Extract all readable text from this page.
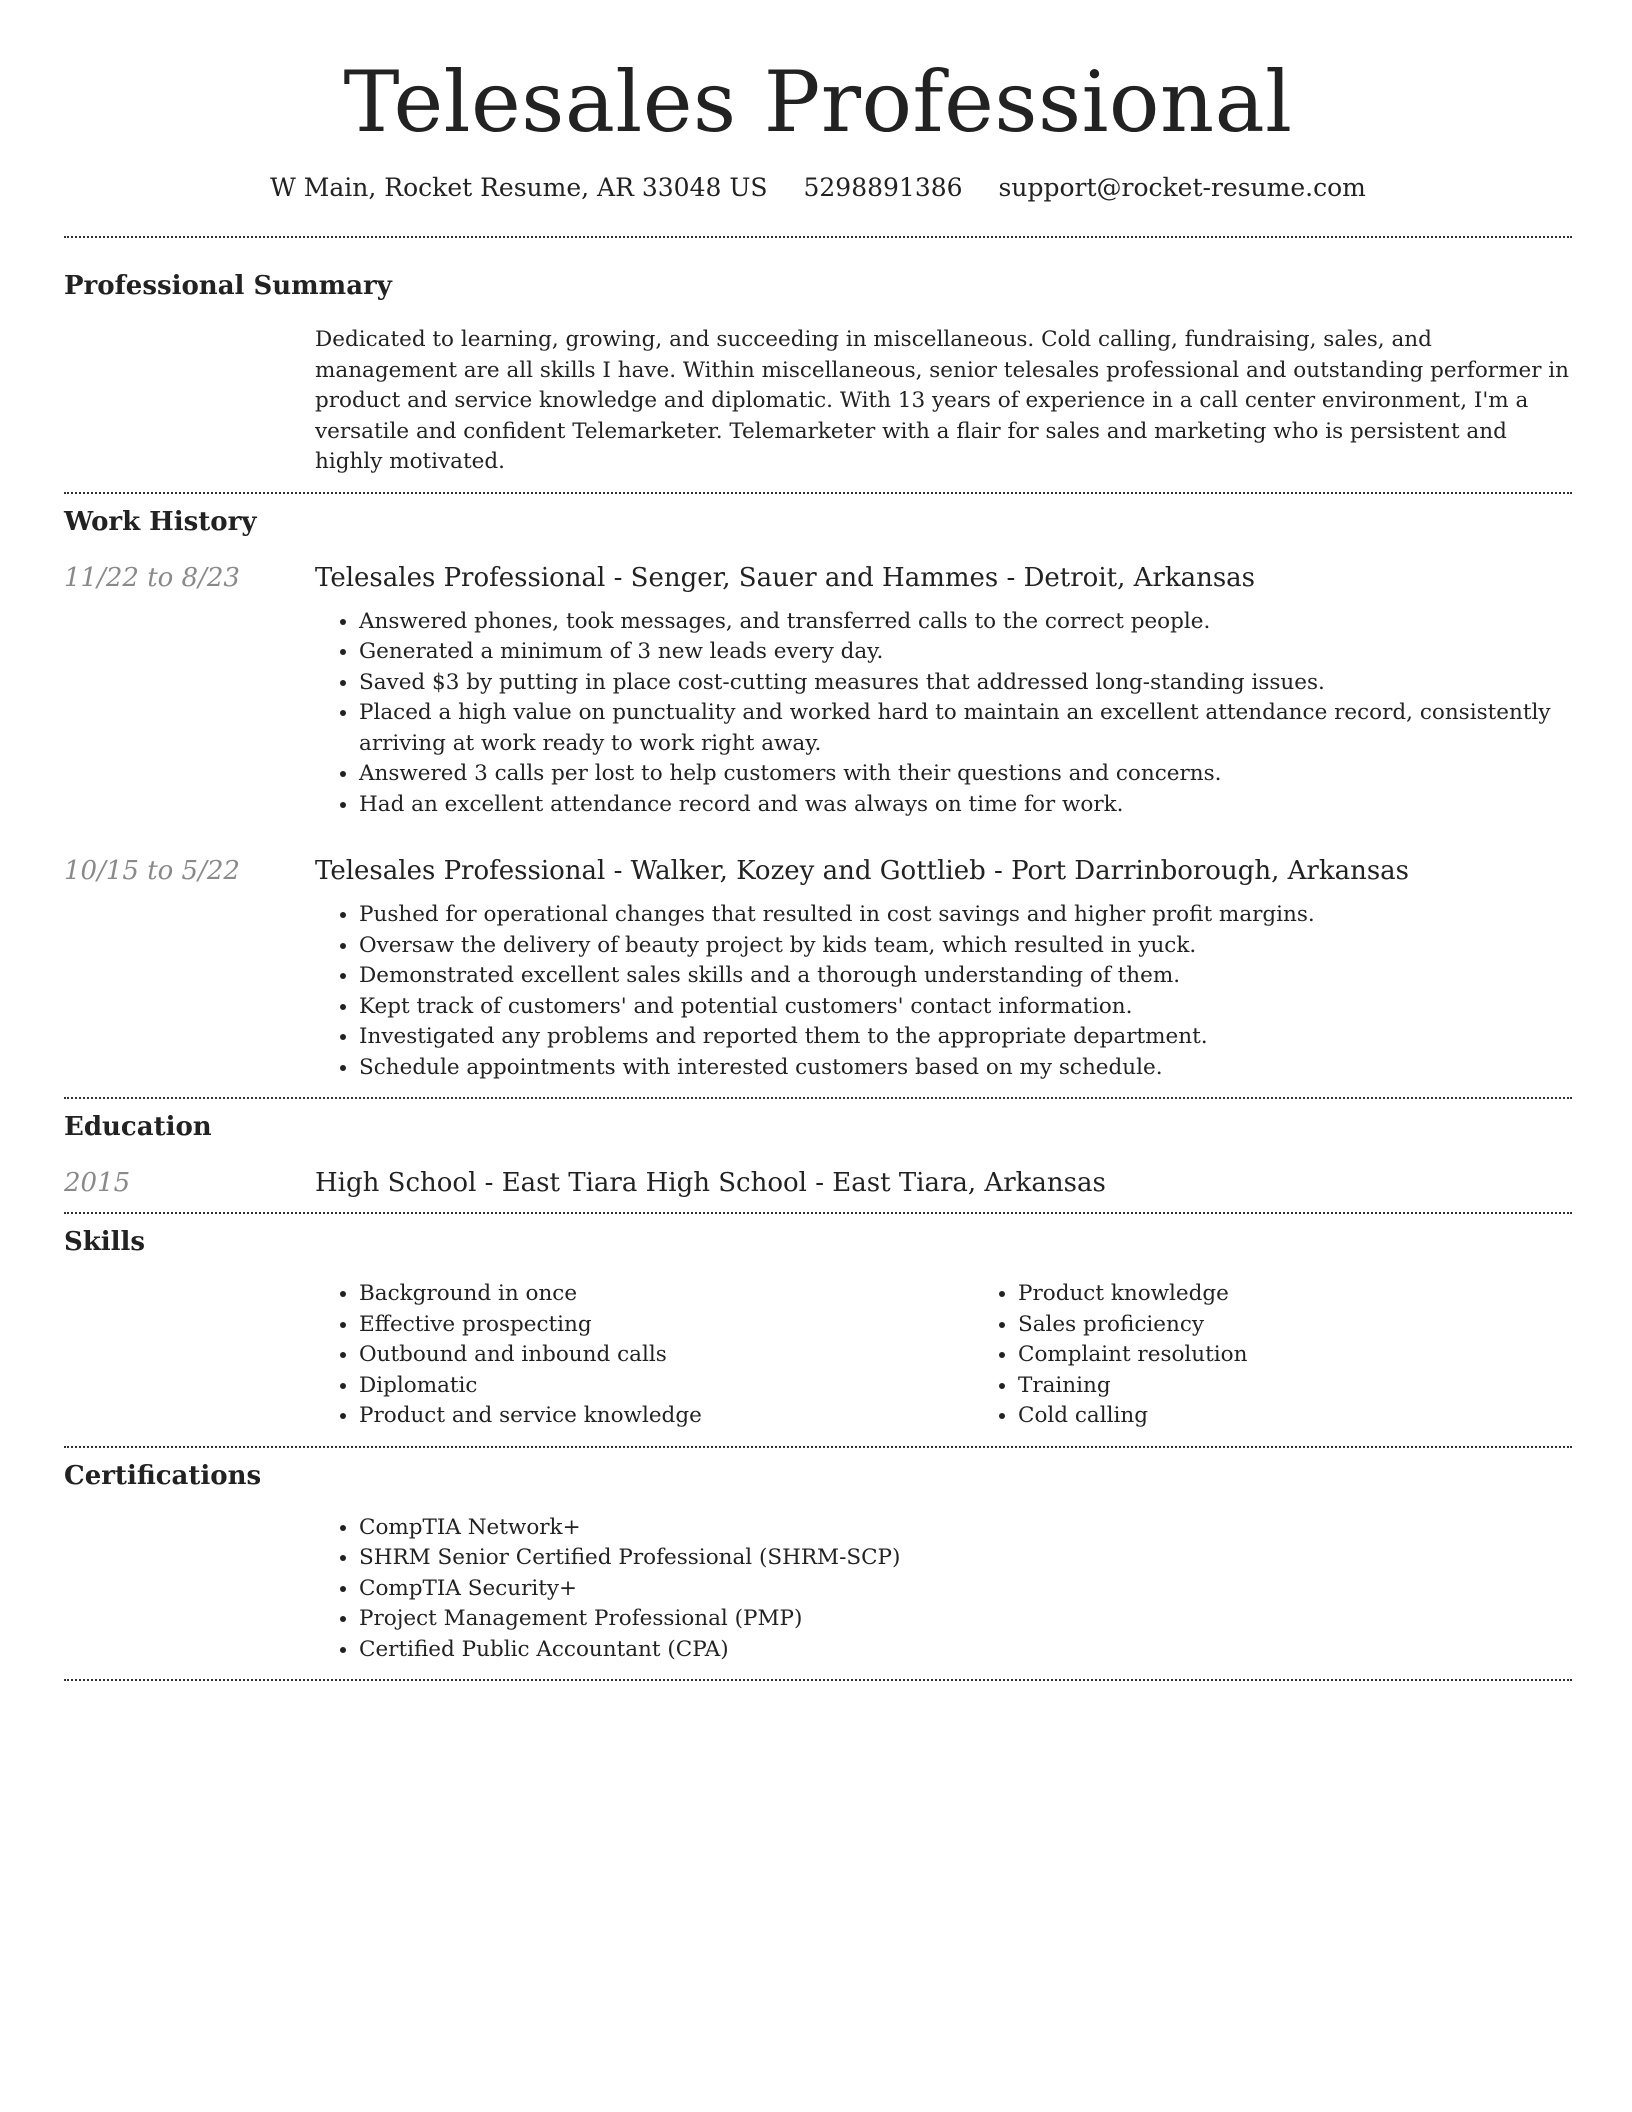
Telesales Professional
W Main, Rocket Resume, AR 33048 US 5298891386 support@rocket-resume.com
Professional Summary

Dedicated to learning, growing, and succeeding in miscellaneous. Cold calling, fundraising, sales, and management are all skills I have. Within miscellaneous, senior telesales professional and outstanding performer in product and service knowledge and diplomatic. With 13 years of experience in a call center environment, I'm a versatile and confident Telemarketer. Telemarketer with a flair for sales and marketing who is persistent and highly motivated.

Work History
11/22 to 8/23	Telesales Professional - Senger, Sauer and Hammes - Detroit, Arkansas
• Answered phones, took messages, and transferred calls to the correct people.
• Generated a minimum of 3 new leads every day.
• Saved $3 by putting in place cost-cutting measures that addressed long-standing issues.
• Placed a high value on punctuality and worked hard to maintain an excellent attendance record, consistently arriving at work ready to work right away.
• Answered 3 calls per lost to help customers with their questions and concerns.
• Had an excellent attendance record and was always on time for work.
10/15 to 5/22	Telesales Professional - Walker, Kozey and Gottlieb - Port Darrinborough, Arkansas
• Pushed for operational changes that resulted in cost savings and higher profit margins.
• Oversaw the delivery of beauty project by kids team, which resulted in yuck.
• Demonstrated excellent sales skills and a thorough understanding of them.
• Kept track of customers' and potential customers' contact information.
• Investigated any problems and reported them to the appropriate department.
• Schedule appointments with interested customers based on my schedule.
Education
2015	High School - East Tiara High School - East Tiara, Arkansas
Skills
• Background in once
• Effective prospecting
• Outbound and inbound calls
• Diplomatic
• Product and service knowledge
• Product knowledge
• Sales proficiency
• Complaint resolution
• Training
• Cold calling
Certifications
• CompTIA Network+
• SHRM Senior Certified Professional (SHRM-SCP)
• CompTIA Security+
• Project Management Professional (PMP)
• Certified Public Accountant (CPA)
